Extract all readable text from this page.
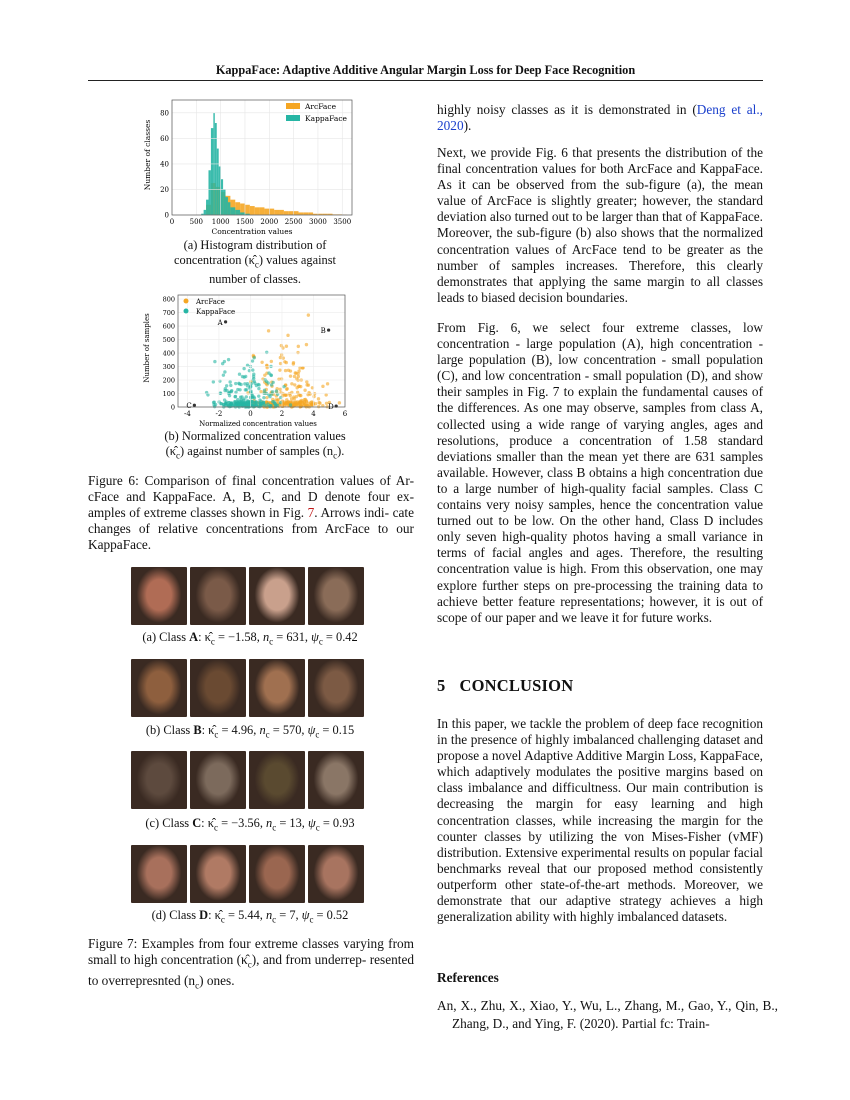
KappaFace: Adaptive Additive Angular Margin Loss for Deep Face Recognition
0 500 1000 1500 2000 2500 3000 3500
0
20
40
60
80
ArcFace
KappaFace
Concentration values
Number of classes
(a) Histogram distribution of
concentration $(\kappâ_c)$ values against
number of classes.
-4	-2	0	2	4	6
0
100
200
300
400
500
600
700
800
A
B
C	D
ArcFace
KappaFace
Normalized concentration values
Number of samples
(b) Normalized concentration values
$(\kappâ_c)$ against number of samples $(n_c)$.
Figure 6: Comparison of final concentration values of Ar- cFace and KappaFace. A, B, C, and D denote four ex- amples of extreme classes shown in Fig. 7. Arrows indi- cate changes of relative concentrations from ArcFace to our KappaFace.
(a) Class A: $\kappâ_c = -1.58$, $n_c = 631$, $\psi_c = 0.42$
(b) Class B: $\kappâ_c = 4.96$, $n_c = 570$, $\psi_c = 0.15$
(c) Class C: $\kappâ_c = -3.56$, $n_c = 13$, $\psi_c = 0.93$
(d) Class D: $\kappâ_c = 5.44$, $n_c = 7$, $\psi_c = 0.52$
Figure 7: Examples from four extreme classes varying from small to high concentration $(\kappâ_c)$, and from underrep- resented to overrepresnted $(n_c)$ ones.
highly noisy classes as it is demonstrated in (Deng et al., 2020).
Next, we provide Fig. 6 that presents the distribution of the final concentration values for both ArcFace and KappaFace. As it can be observed from the sub-figure (a), the mean value of ArcFace is slightly greater; however, the standard deviation also turned out to be larger than that of KappaFace. Moreover, the sub-figure (b) also shows that the normalized concentration values of ArcFace tend to be greater as the number of samples increases. Therefore, this clearly demonstrates that applying the same margin to all classes leads to biased decision boundaries.
From Fig. 6, we select four extreme classes, low concentration - large population (A), high concentration - large population (B), low concentration - small population (C), and low concentration - small population (D), and show their samples in Fig. 7 to explain the fundamental causes of the differences. As one may observe, samples from class A, collected using a wide range of varying angles, ages and resolutions, produce a concentration of 1.58 standard deviations smaller than the mean yet there are 631 samples available. However, class B obtains a high concentration due to a large number of high-quality facial samples. Class C contains very noisy samples, hence the concentration value turned out to be low. On the other hand, Class D includes only seven high-quality photos having a small variance in terms of facial angles and ages. Therefore, the resulting concentration value is high. From this observation, one may explore further steps on pre-processing the training data to achieve better feature representations; however, it is out of scope of our paper and we leave it for future works.
5 CONCLUSION
In this paper, we tackle the problem of deep face recognition in the presence of highly imbalanced challenging dataset and propose a novel Adaptive Additive Margin Loss, KappaFace, which adaptively modulates the positive margins based on class imbalance and difficultness. Our main contribution is decreasing the margin for easy learning and high concentration classes, while increasing the margin for the counter classes by utilizing the von Mises-Fisher (vMF) distribution. Extensive experimental results on popular facial benchmarks reveal that our proposed method consistently outperform other state-of-the-art methods. Moreover, we demonstrate that our adaptive strategy achieves a high generalization ability with highly imbalanced datasets.
References
An, X., Zhu, X., Xiao, Y., Wu, L., Zhang, M., Gao, Y., Qin, B., Zhang, D., and Ying, F. (2020). Partial fc: Train-
